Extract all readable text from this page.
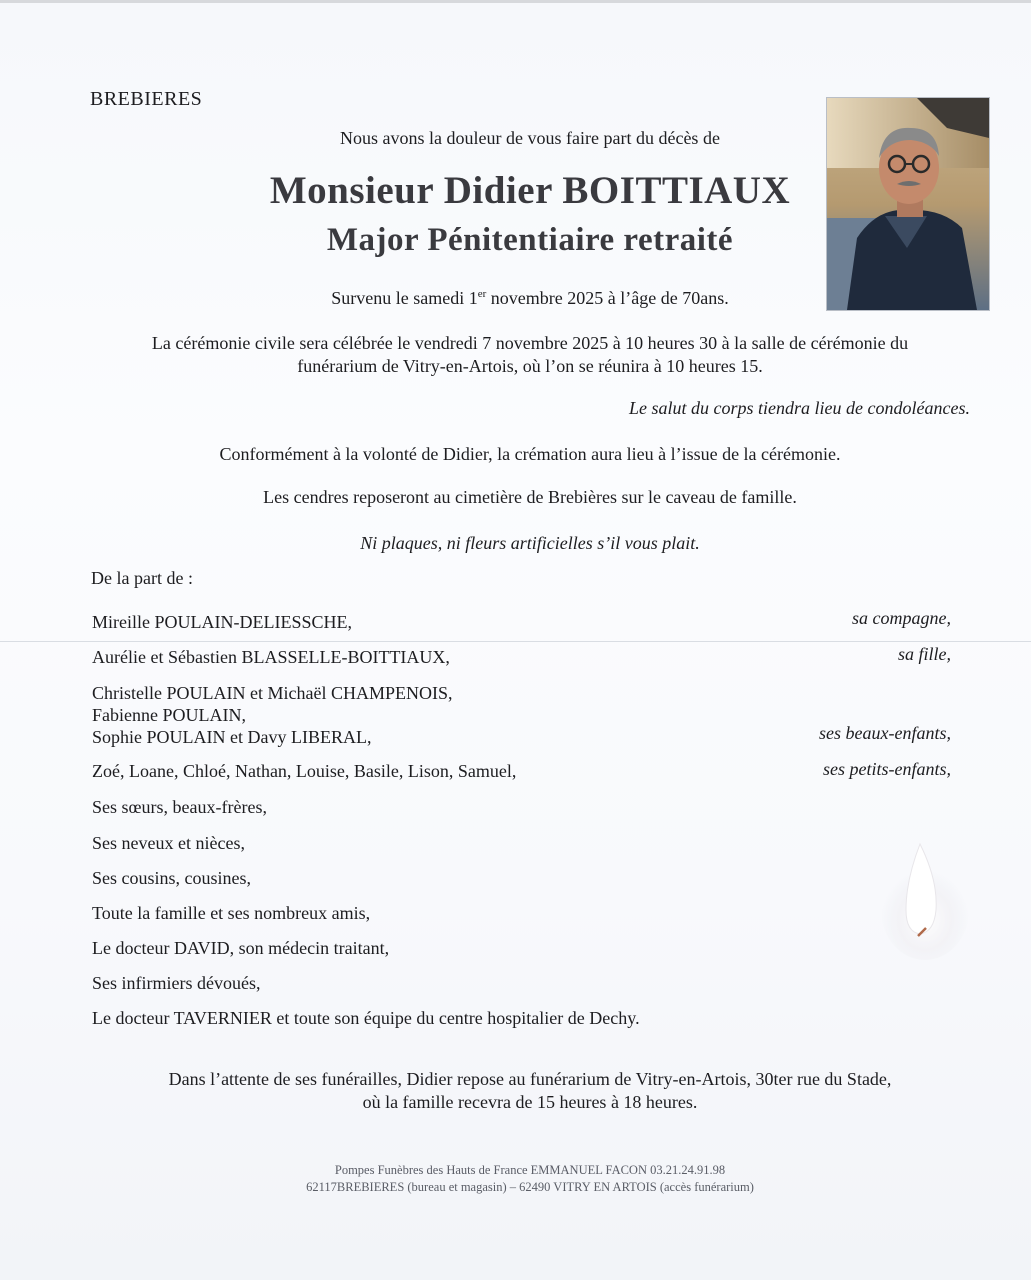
BREBIERES
Nous avons la douleur de vous faire part du décès de
Monsieur Didier BOITTIAUX
Major Pénitentiaire retraité
Survenu le samedi 1er novembre 2025 à l’âge de 70ans.
La cérémonie civile sera célébrée le vendredi 7 novembre 2025 à 10 heures 30 à la salle de cérémonie du
funérarium de Vitry-en-Artois, où l’on se réunira à 10 heures 15.
Le salut du corps tiendra lieu de condoléances.
Conformément à la volonté de Didier, la crémation aura lieu à l’issue de la cérémonie.
Les cendres reposeront au cimetière de Brebières sur le caveau de famille.
Ni plaques, ni fleurs artificielles s’il vous plait.
De la part de :
Mireille POULAIN-DELIESSCHE,	sa compagne,
Aurélie et Sébastien BLASSELLE-BOITTIAUX,	sa fille,
Christelle POULAIN et Michaël CHAMPENOIS,
Fabienne POULAIN,
Sophie POULAIN et Davy LIBERAL,	ses beaux-enfants,
Zoé, Loane, Chloé, Nathan, Louise, Basile, Lison, Samuel,	ses petits-enfants,
Ses sœurs, beaux-frères,
Ses neveux et nièces,
Ses cousins, cousines,
Toute la famille et ses nombreux amis,
Le docteur DAVID, son médecin traitant,
Ses infirmiers dévoués,
Le docteur TAVERNIER et toute son équipe du centre hospitalier de Dechy.
Dans l’attente de ses funérailles, Didier repose au funérarium de Vitry-en-Artois, 30ter rue du Stade,
où la famille recevra de 15 heures à 18 heures.
Pompes Funèbres des Hauts de France EMMANUEL FACON 03.21.24.91.98
62117BREBIERES (bureau et magasin) – 62490 VITRY EN ARTOIS (accès funérarium)
